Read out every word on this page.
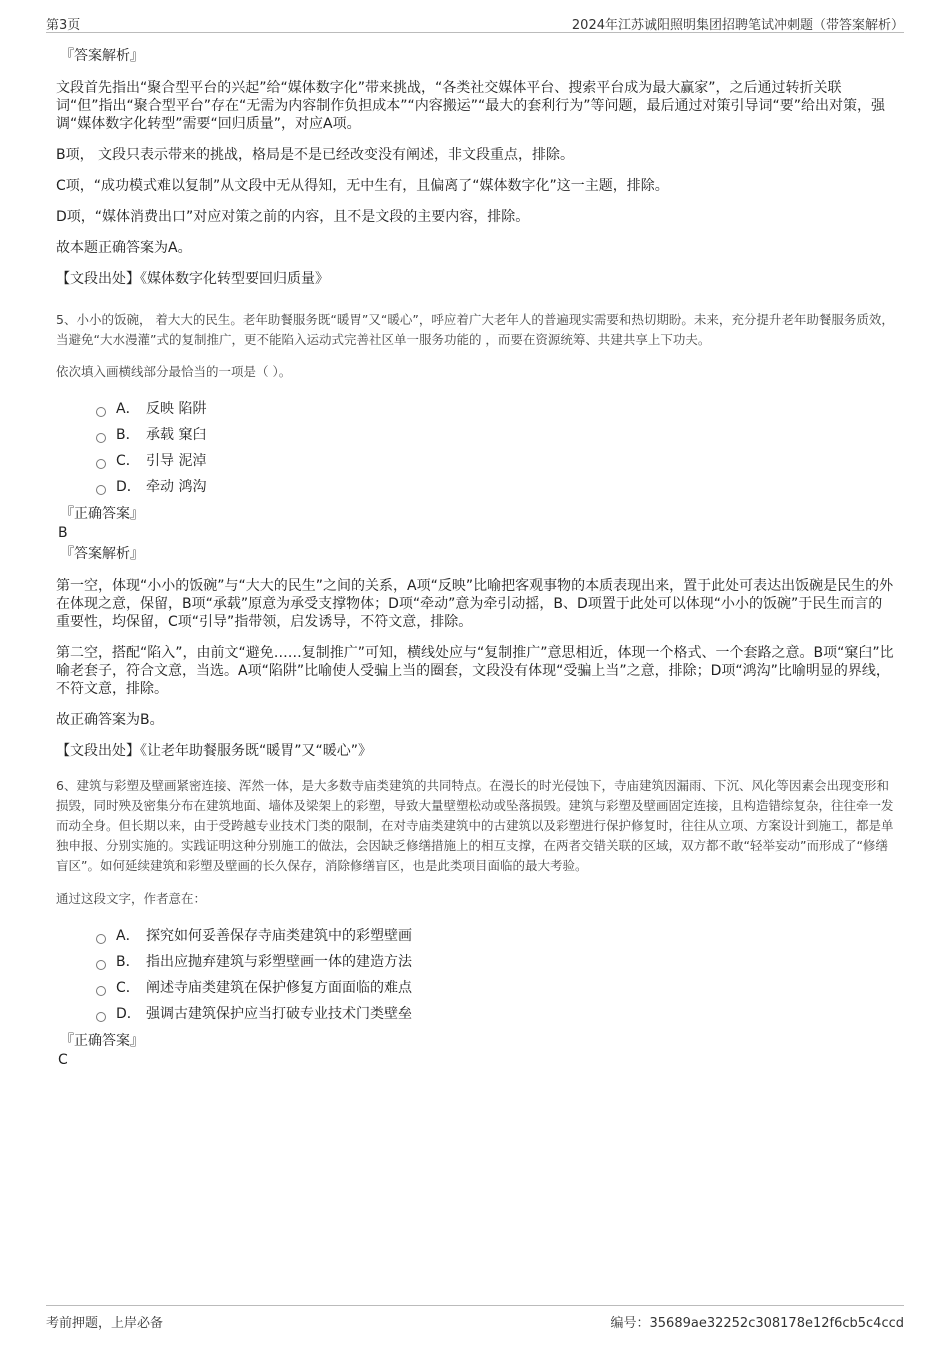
第3页	2024年江苏诚阳照明集团招聘笔试冲刺题（带答案解析）
『答案解析』

文段首先指出“聚合型平台的兴起”给“媒体数字化”带来挑战，“各类社交媒体平台、搜索平台成为最大赢家”，之后通过转折关联词“但”指出“聚合型平台”存在“无需为内容制作负担成本”“内容搬运”“最大的套利行为”等问题，最后通过对策引导词“要”给出对策，强调“媒体数字化转型”需要“回归质量”，对应A项。

B项， 文段只表示带来的挑战，格局是不是已经改变没有阐述，非文段重点，排除。

C项，“成功模式难以复制”从文段中无从得知，无中生有，且偏离了“媒体数字化”这一主题，排除。

D项，“媒体消费出口”对应对策之前的内容，且不是文段的主要内容，排除。

故本题正确答案为A。

【文段出处】《媒体数字化转型要回归质量》

5、小小的饭碗， 着大大的民生。老年助餐服务既“暖胃”又“暖心”，呼应着广大老年人的普遍现实需要和热切期盼。未来，充分提升老年助餐服务质效，当避免“大水漫灌”式的复制推广，更不能陷入运动式完善社区单一服务功能的 ，而要在资源统筹、共建共享上下功夫。

依次填入画横线部分最恰当的一项是（ ）。

A． 反映 陷阱
B． 承载 窠臼
C． 引导 泥淖
D． 牵动 鸿沟
『正确答案』
B
『答案解析』

第一空，体现“小小的饭碗”与“大大的民生”之间的关系，A项“反映”比喻把客观事物的本质表现出来，置于此处可表达出饭碗是民生的外在体现之意，保留，B项“承载”原意为承受支撑物体；D项“牵动”意为牵引动摇，B、D项置于此处可以体现“小小的饭碗”于民生而言的重要性，均保留，C项“引导”指带领，启发诱导，不符文意，排除。

第二空，搭配“陷入”，由前文“避免……复制推广”可知，横线处应与“复制推广”意思相近，体现一个格式、一个套路之意。B项“窠臼”比喻老套子，符合文意，当选。A项“陷阱”比喻使人受骗上当的圈套，文段没有体现“受骗上当”之意，排除；D项“鸿沟”比喻明显的界线，不符文意，排除。

故正确答案为B。

【文段出处】《让老年助餐服务既“暖胃”又“暖心”》

6、建筑与彩塑及壁画紧密连接、浑然一体，是大多数寺庙类建筑的共同特点。在漫长的时光侵蚀下，寺庙建筑因漏雨、下沉、风化等因素会出现变形和损毁，同时殃及密集分布在建筑地面、墙体及梁架上的彩塑，导致大量壁塑松动或坠落损毁。建筑与彩塑及壁画固定连接，且构造错综复杂，往往牵一发而动全身。但长期以来，由于受跨越专业技术门类的限制，在对寺庙类建筑中的古建筑以及彩塑进行保护修复时，往往从立项、方案设计到施工，都是单独申报、分别实施的。实践证明这种分别施工的做法，会因缺乏修缮措施上的相互支撑，在两者交错关联的区域，双方都不敢“轻举妄动”而形成了“修缮盲区”。如何延续建筑和彩塑及壁画的长久保存，消除修缮盲区，也是此类项目面临的最大考验。

通过这段文字，作者意在：

A． 探究如何妥善保存寺庙类建筑中的彩塑壁画
B． 指出应抛弃建筑与彩塑壁画一体的建造方法
C． 阐述寺庙类建筑在保护修复方面面临的难点
D． 强调古建筑保护应当打破专业技术门类壁垒
『正确答案』
C
考前押题，上岸必备	编号：35689ae32252c308178e12f6cb5c4ccd
